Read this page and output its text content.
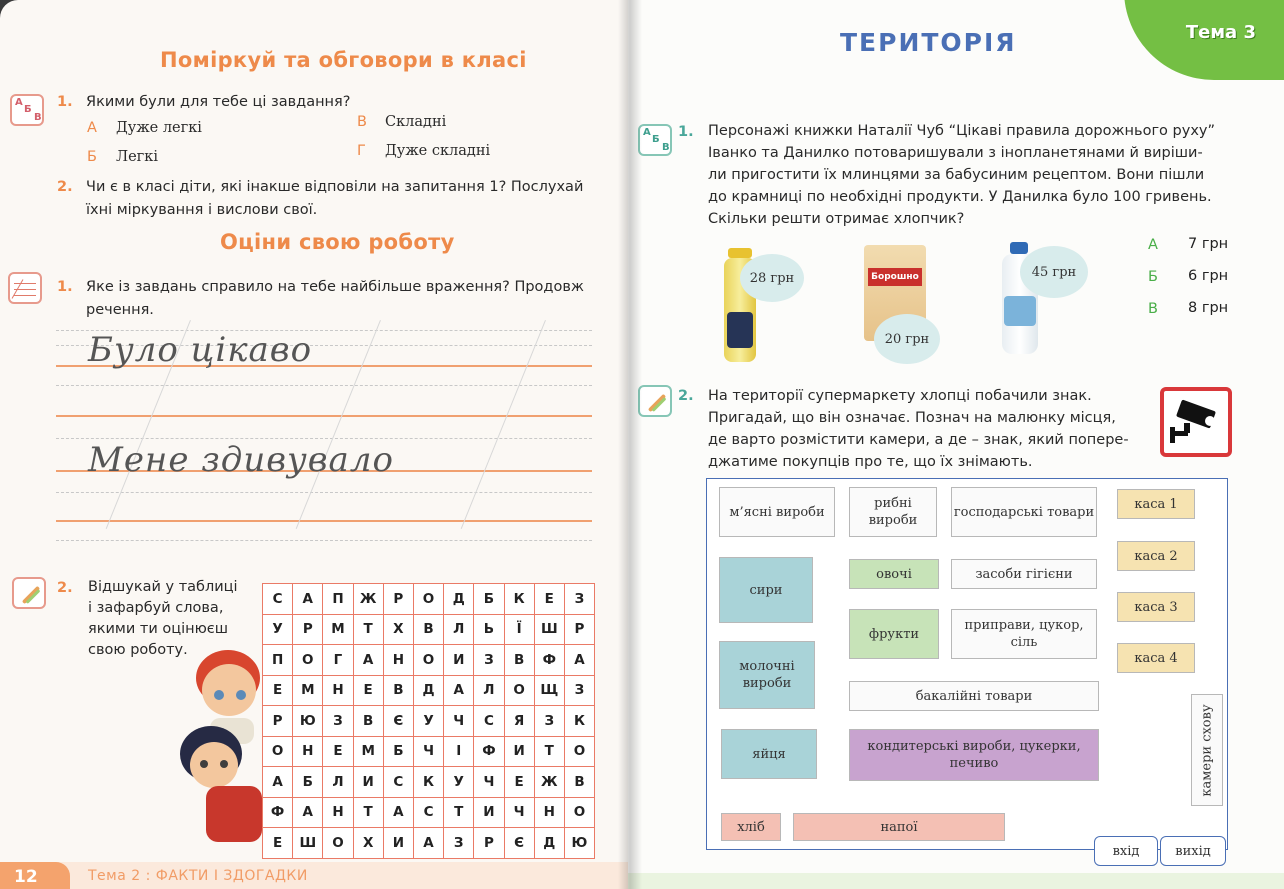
Поміркуй та обговори в класі
А
Б
В
1. Якими були для тебе ці завдання?
А Дуже легкі
Б Легкі
В Складні
Г Дуже складні
2. Чи є в класі діти, які інакше відповіли на запитання 1? Послухай
їхні міркування і вислови свої.
Оціни свою роботу
1. Яке із завдань справило на тебе найбільше враження? Продовж
речення.
Було цікаво
Мене здивувало
2. Відшукай у таблиці
і зафарбуй слова,
якими ти оцінюєш
свою роботу.
С	А	П	Ж	Р	О	Д	Б	К	Е	З
У	Р	М	Т	Х	В	Л	Ь	Ї	Ш	Р
П	О	Г	А	Н	О	И	З	В	Ф	А
Е	М	Н	Е	В	Д	А	Л	О	Щ	З
Р	Ю	З	В	Є	У	Ч	С	Я	З	К
О	Н	Е	М	Б	Ч	І	Ф	И	Т	О
А	Б	Л	И	С	К	У	Ч	Е	Ж	В
Ф	А	Н	Т	А	С	Т	И	Ч	Н	О
Е	Ш	О	Х	И	А	З	Р	Є	Д	Ю
12	Тема 2 : ФАКТИ І ЗДОГАДКИ
Тема 3
ТЕРИТОРІЯ
А
Б
В
1. Персонажі книжки Наталії Чуб “Цікаві правила дорожнього руху”
Іванко та Данилко потоваришували з інопланетянами й виріши-
ли пригостити їх млинцями за бабусиним рецептом. Вони пішли
до крамниці по необхідні продукти. У Данилка було 100 гривень.
Скільки решти отримає хлопчик?
28 грн	Борошно
20 грн
45 грн
А 7 грн
Б 6 грн
В 8 грн
2. На території супермаркету хлопці побачили знак.
Пригадай, що він означає. Познач на малюнку місця,
де варто розмістити камери, а де – знак, який попере-
джатиме покупців про те, що їх знімають.
м’ясні вироби
рибні вироби
господарські товари
каса 1
каса 2
каса 3
каса 4
сири
овочі	засоби гігієни
фрукти
приправи, цукор, сіль
молочні вироби
бакалійні товари
яйця	кондитерські вироби, цукерки, печиво	камери схову
хліб	напої
вхід	вихід
